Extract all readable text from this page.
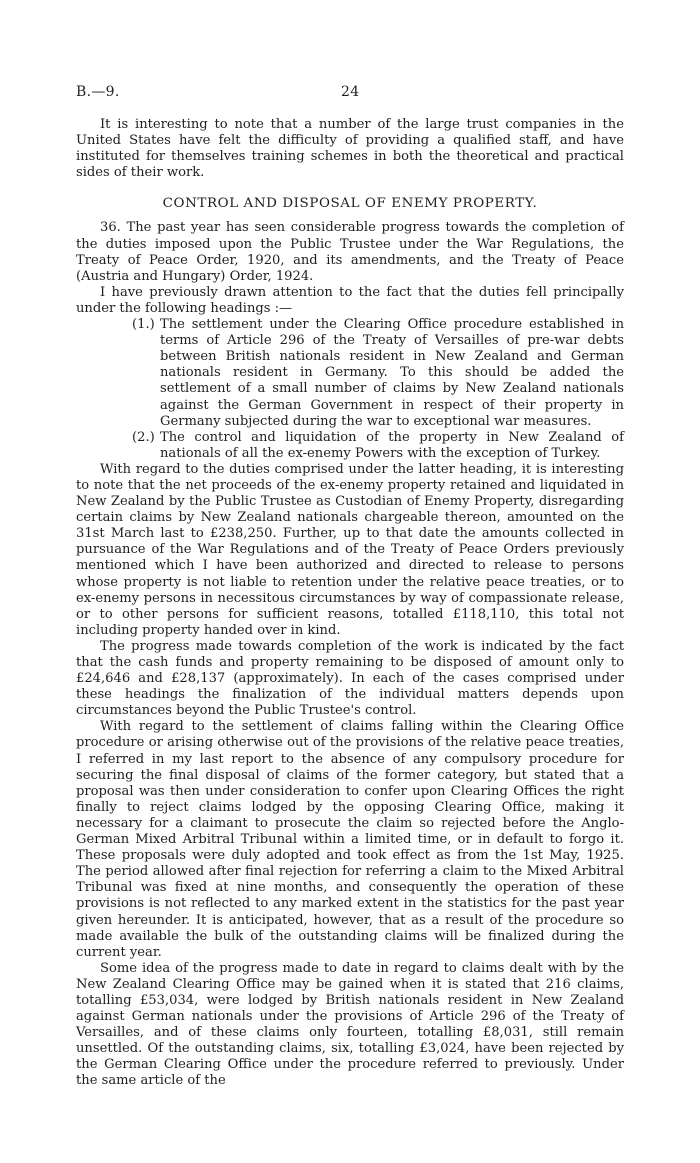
B.—9.	24

It is interesting to note that a number of the large trust companies in the United States have felt the difficulty of providing a qualified staff, and have instituted for themselves training schemes in both the theoretical and practical sides of their work.

CONTROL AND DISPOSAL OF ENEMY PROPERTY.

36. The past year has seen considerable progress towards the completion of the duties imposed upon the Public Trustee under the War Regulations, the Treaty of Peace Order, 1920, and its amendments, and the Treaty of Peace (Austria and Hungary) Order, 1924.

I have previously drawn attention to the fact that the duties fell principally under the following headings :—

(1.) The settlement under the Clearing Office procedure established in terms of Article 296 of the Treaty of Versailles of pre-war debts between British nationals resident in New Zealand and German nationals resident in Germany. To this should be added the settlement of a small number of claims by New Zealand nationals against the German Government in respect of their property in Germany subjected during the war to exceptional war measures.
(2.) The control and liquidation of the property in New Zealand of nationals of all the ex-enemy Powers with the exception of Turkey.

With regard to the duties comprised under the latter heading, it is interesting to note that the net proceeds of the ex-enemy property retained and liquidated in New Zealand by the Public Trustee as Custodian of Enemy Property, disregarding certain claims by New Zealand nationals chargeable thereon, amounted on the 31st March last to £238,250. Further, up to that date the amounts collected in pursuance of the War Regulations and of the Treaty of Peace Orders previously mentioned which I have been authorized and directed to release to persons whose property is not liable to retention under the relative peace treaties, or to ex-enemy persons in necessitous circumstances by way of compassionate release, or to other persons for sufficient reasons, totalled £118,110, this total not including property handed over in kind.

The progress made towards completion of the work is indicated by the fact that the cash funds and property remaining to be disposed of amount only to £24,646 and £28,137 (approximately). In each of the cases comprised under these headings the finalization of the individual matters depends upon circumstances beyond the Public Trustee's control.

With regard to the settlement of claims falling within the Clearing Office procedure or arising otherwise out of the provisions of the relative peace treaties, I referred in my last report to the absence of any compulsory procedure for securing the final disposal of claims of the former category, but stated that a proposal was then under consideration to confer upon Clearing Offices the right finally to reject claims lodged by the opposing Clearing Office, making it necessary for a claimant to prosecute the claim so rejected before the Anglo-German Mixed Arbitral Tribunal within a limited time, or in default to forgo it. These proposals were duly adopted and took effect as from the 1st May, 1925. The period allowed after final rejection for referring a claim to the Mixed Arbitral Tribunal was fixed at nine months, and consequently the operation of these provisions is not reflected to any marked extent in the statistics for the past year given hereunder. It is anticipated, however, that as a result of the procedure so made available the bulk of the outstanding claims will be finalized during the current year.

Some idea of the progress made to date in regard to claims dealt with by the New Zealand Clearing Office may be gained when it is stated that 216 claims, totalling £53,034, were lodged by British nationals resident in New Zealand against German nationals under the provisions of Article 296 of the Treaty of Versailles, and of these claims only fourteen, totalling £8,031, still remain unsettled. Of the outstanding claims, six, totalling £3,024, have been rejected by the German Clearing Office under the procedure referred to previously. Under the same article of the
